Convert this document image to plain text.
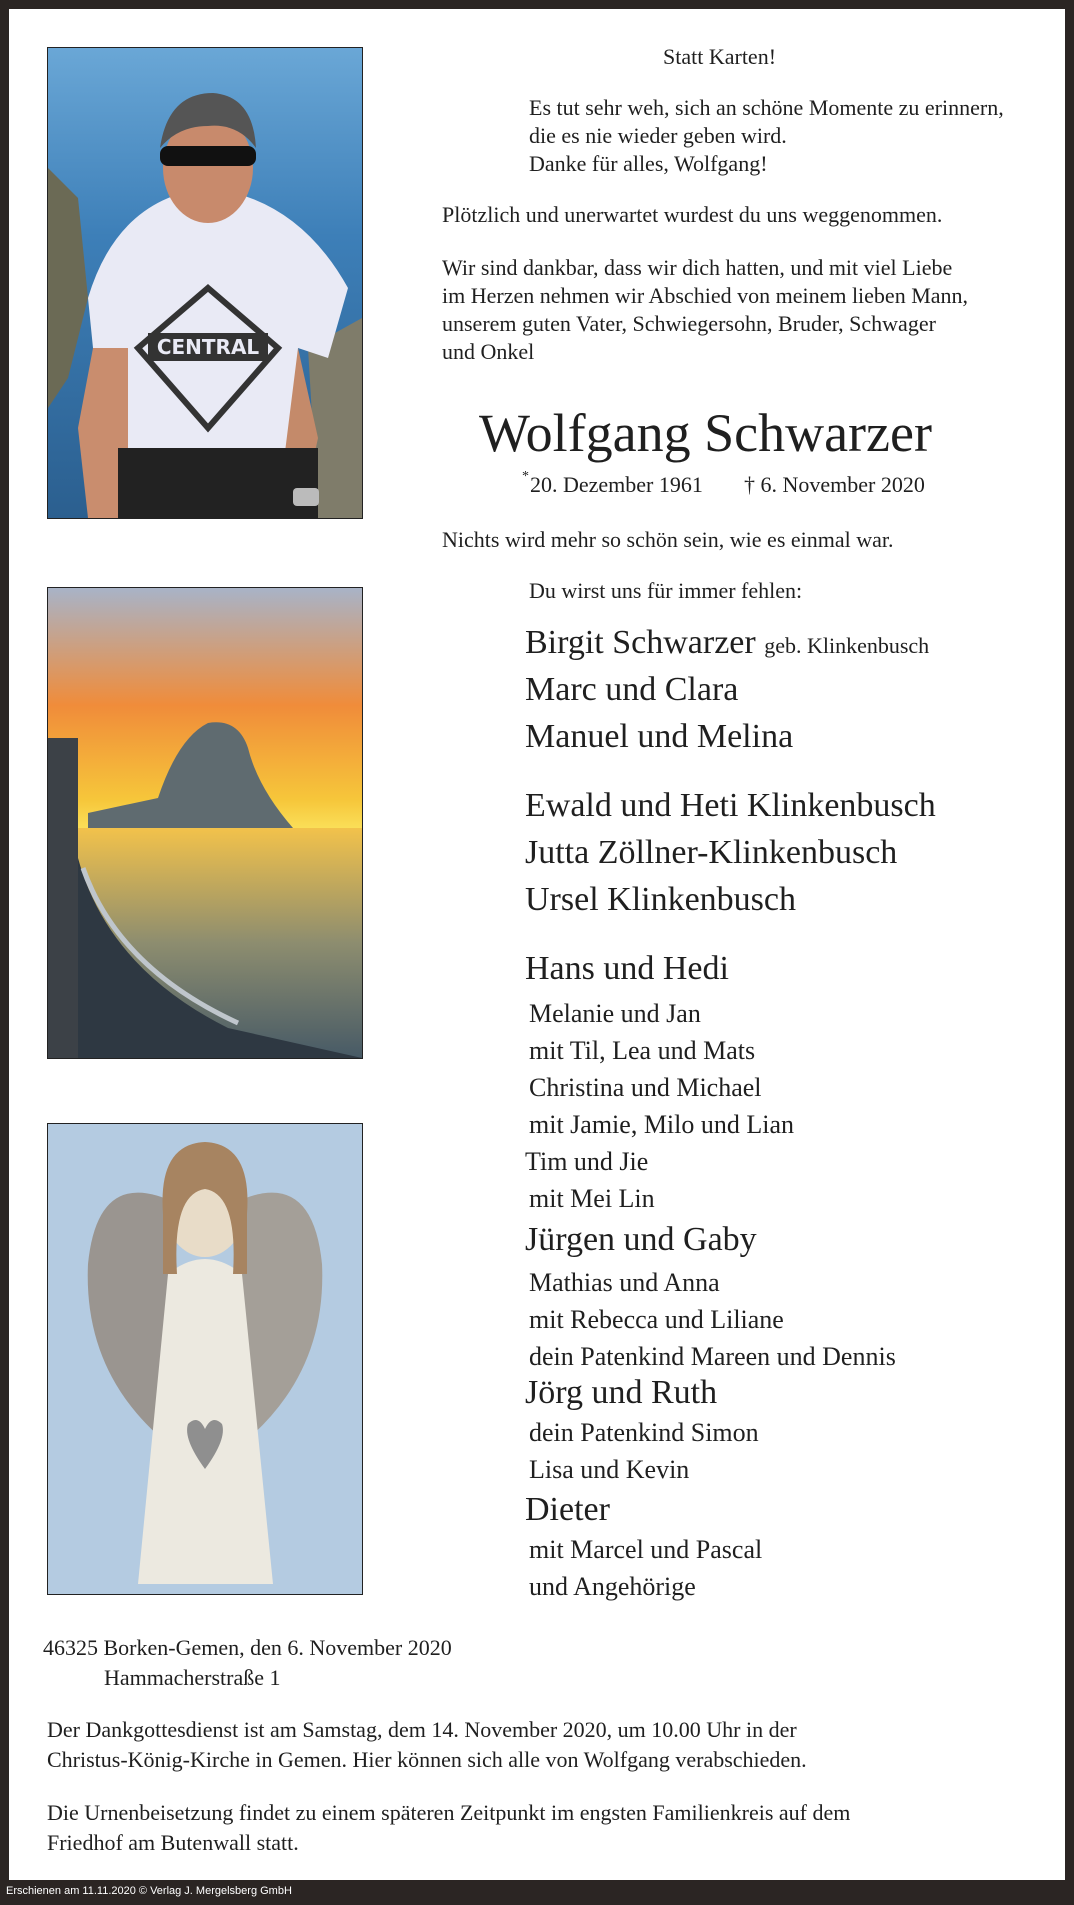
CENTRAL
Statt Karten!
Es tut sehr weh, sich an schöne Momente zu erinnern,
die es nie wieder geben wird.
Danke für alles, Wolfgang!
Plötzlich und unerwartet wurdest du uns weggenommen.
Wir sind dankbar, dass wir dich hatten, und mit viel Liebe
im Herzen nehmen wir Abschied von meinem lieben Mann,
unserem guten Vater, Schwiegersohn, Bruder, Schwager
und Onkel
Wolfgang Schwarzer
* 20. Dezember 1961 † 6. November 2020
Nichts wird mehr so schön sein, wie es einmal war.
Du wirst uns für immer fehlen:
Birgit Schwarzer geb. Klinkenbusch
Marc und Clara
Manuel und Melina
Ewald und Heti Klinkenbusch
Jutta Zöllner-Klinkenbusch
Ursel Klinkenbusch
Hans und Hedi
Melanie und Jan
mit Til, Lea und Mats
Christina und Michael
mit Jamie, Milo und Lian
Tim und Jie
mit Mei Lin
Jürgen und Gaby
Mathias und Anna
mit Rebecca und Liliane
dein Patenkind Mareen und Dennis
Jörg und Ruth
dein Patenkind Simon
Lisa und Kevin
Dieter
mit Marcel und Pascal
und Angehörige
46325 Borken-Gemen, den 6. November 2020
Hammacherstraße 1
Der Dankgottesdienst ist am Samstag, dem 14. November 2020, um 10.00 Uhr in der
Christus-König-Kirche in Gemen. Hier können sich alle von Wolfgang verabschieden.
Die Urnenbeisetzung findet zu einem späteren Zeitpunkt im engsten Familienkreis auf dem
Friedhof am Butenwall statt.
Erschienen am 11.11.2020 © Verlag J. Mergelsberg GmbH
